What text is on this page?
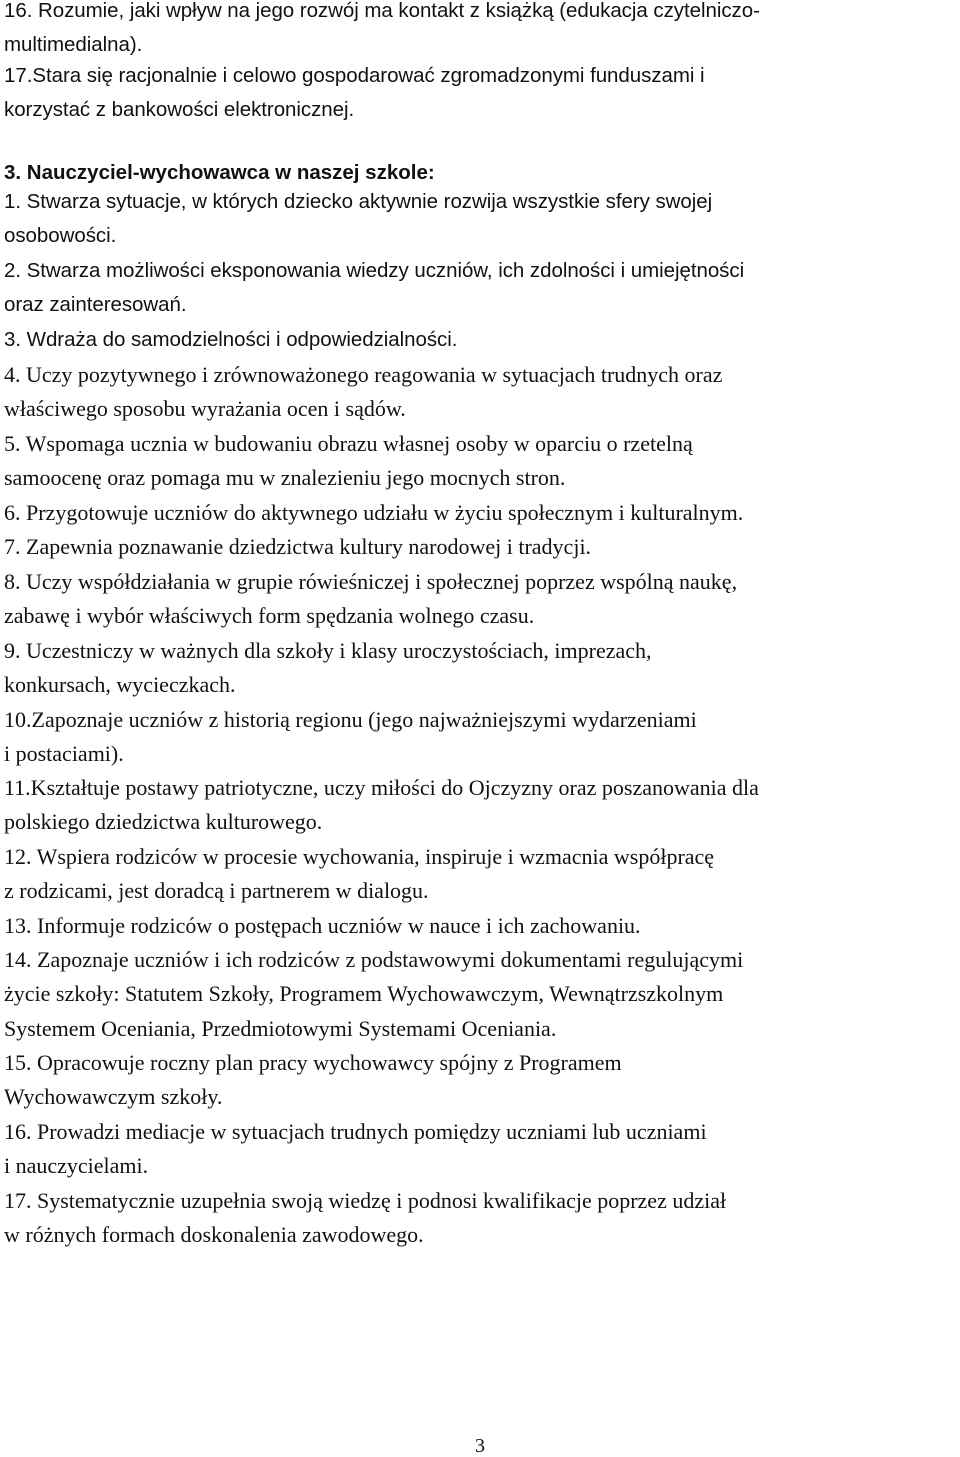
16. Rozumie, jaki wpływ na jego rozwój ma kontakt z książką (edukacja czytelniczo-
multimedialna).
17.Stara się racjonalnie i celowo gospodarować zgromadzonymi funduszami i
korzystać z bankowości elektronicznej.
3. Nauczyciel-wychowawca w naszej szkole:
1. Stwarza sytuacje, w których dziecko aktywnie rozwija wszystkie sfery swojej
osobowości.
2. Stwarza możliwości eksponowania wiedzy uczniów, ich zdolności i umiejętności
oraz zainteresowań.
3. Wdraża do samodzielności i odpowiedzialności.
4. Uczy pozytywnego i zrównoważonego reagowania w sytuacjach trudnych oraz
właściwego sposobu wyrażania ocen i sądów.
5. Wspomaga ucznia w budowaniu obrazu własnej osoby w oparciu o rzetelną
samoocenę oraz pomaga mu w znalezieniu jego mocnych stron.
6. Przygotowuje uczniów do aktywnego udziału w życiu społecznym i kulturalnym.
7. Zapewnia poznawanie dziedzictwa kultury narodowej i tradycji.
8. Uczy współdziałania w grupie rówieśniczej i społecznej poprzez wspólną naukę,
zabawę i wybór właściwych form spędzania wolnego czasu.
9. Uczestniczy w ważnych dla szkoły i klasy uroczystościach, imprezach,
konkursach, wycieczkach.
10.Zapoznaje uczniów z historią regionu (jego najważniejszymi wydarzeniami
i postaciami).
11.Kształtuje postawy patriotyczne, uczy miłości do Ojczyzny oraz poszanowania dla
polskiego dziedzictwa kulturowego.
12. Wspiera rodziców w procesie wychowania, inspiruje i wzmacnia współpracę
z rodzicami, jest doradcą i partnerem w dialogu.
13. Informuje rodziców o postępach uczniów w nauce i ich zachowaniu.
14. Zapoznaje uczniów i ich rodziców z podstawowymi dokumentami regulującymi
życie szkoły: Statutem Szkoły, Programem Wychowawczym, Wewnątrzszkolnym
Systemem Oceniania, Przedmiotowymi Systemami Oceniania.
15. Opracowuje roczny plan pracy wychowawcy spójny z Programem
Wychowawczym szkoły.
16. Prowadzi mediacje w sytuacjach trudnych pomiędzy uczniami lub uczniami
i nauczycielami.
17. Systematycznie uzupełnia swoją wiedzę i podnosi kwalifikacje poprzez udział
w różnych formach doskonalenia zawodowego.
3
